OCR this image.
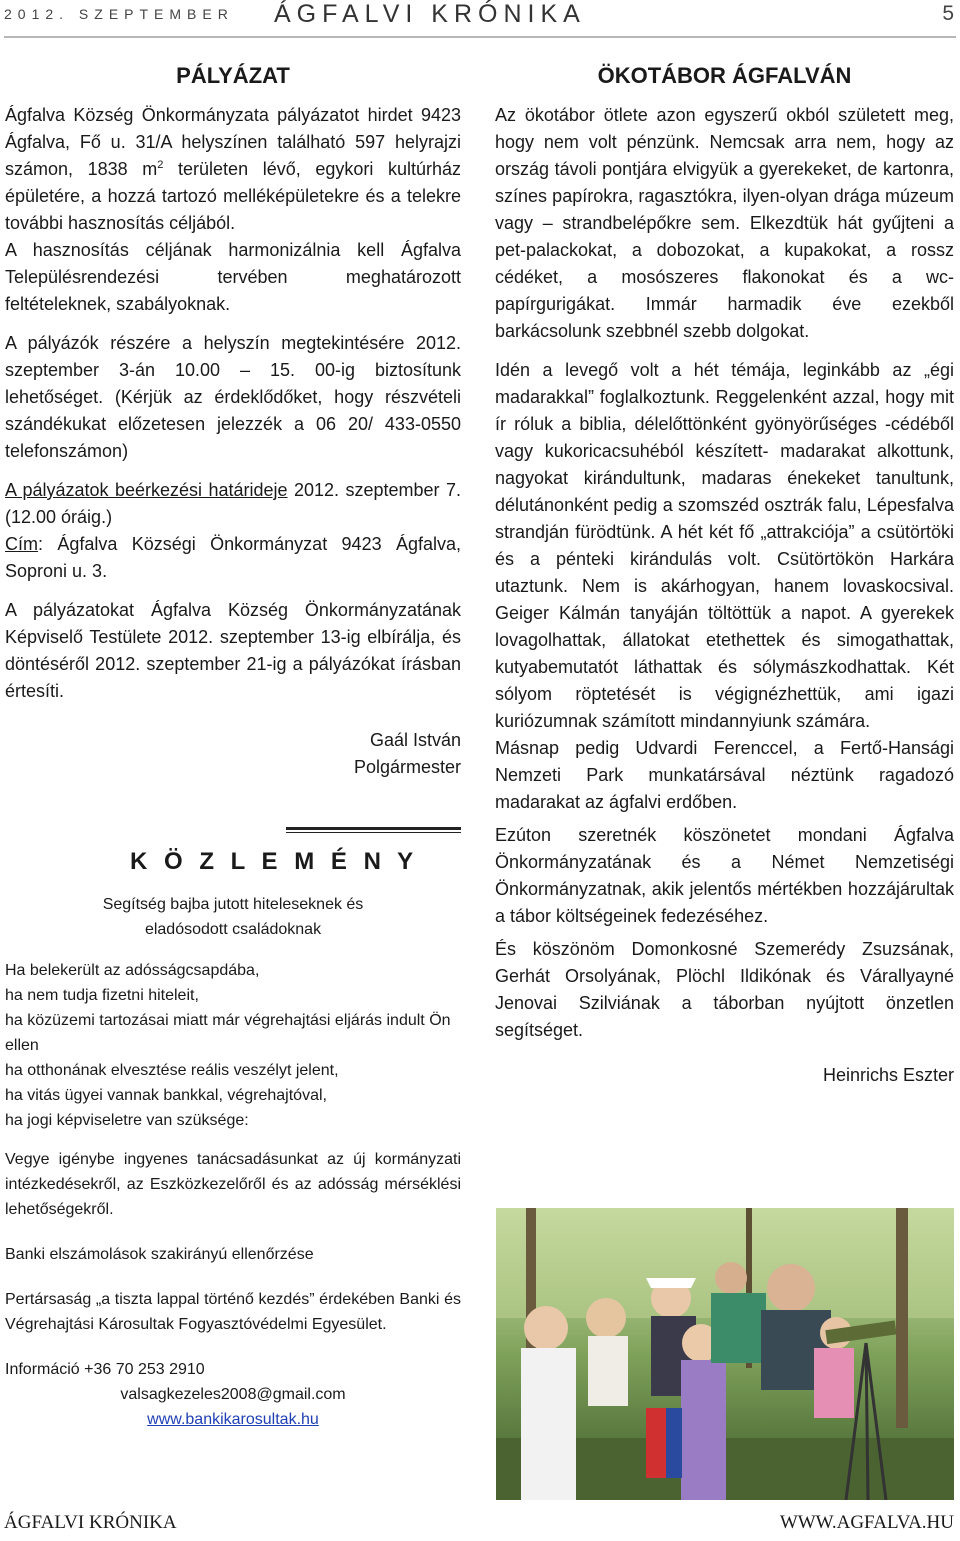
2012. SZEPTEMBER ÁGFALVI KRÓNIKA	5
PÁLYÁZAT

Ágfalva Község Önkormányzata pályázatot hirdet 9423 Ágfalva, Fő u. 31/A helyszínen található 597 helyrajzi számon, 1838 $m^2$ területen lévő, egykori kultúrház épületére, a hozzá tartozó melléképületekre és a telekre további hasznosítás céljából.

A hasznosítás céljának harmonizálnia kell Ágfalva Településrendezési tervében meghatározott feltételeknek, szabályoknak.

A pályázók részére a helyszín megtekintésére 2012. szeptember 3-án 10.00 – 15. 00-ig biztosítunk lehetőséget. (Kérjük az érdeklődőket, hogy részvételi szándékukat előzetesen jelezzék a 06 20/ 433-0550 telefonszámon)

A pályázatok beérkezési határideje 2012. szeptember 7. (12.00 óráig.)

Cím: Ágfalva Községi Önkormányzat 9423 Ágfalva, Soproni u. 3.

A pályázatokat Ágfalva Község Önkormányzatának Képviselő Testülete 2012. szeptember 13-ig elbírálja, és döntéséről 2012. szeptember 21-ig a pályázókat írásban értesíti.

Gaál István
Polgármester
K Ö Z L E M É N Y
Segítség bajba jutott hiteleseknek és
eladósodott családoknak
Ha belekerült az adósságcsapdába,
ha nem tudja fizetni hiteleit,
ha közüzemi tartozásai miatt már végrehajtási eljárás indult Ön ellen
ha otthonának elvesztése reális veszélyt jelent,
ha vitás ügyei vannak bankkal, végrehajtóval,
ha jogi képviseletre van szüksége:

Vegye igénybe ingyenes tanácsadásunkat az új kormányzati intézkedésekről, az Eszközkezelőről és az adósság mérséklési lehetőségekről.

Banki elszámolások szakirányú ellenőrzése

Pertársaság „a tiszta lappal történő kezdés” érdekében Banki és Végrehajtási Károsultak Fogyasztóvédelmi Egyesület.

Információ +36 70 253 2910

valsagkezeles2008@gmail.com
www.bankikarosultak.hu
ÖKOTÁBOR ÁGFALVÁN

Az ökotábor ötlete azon egyszerű okból született meg, hogy nem volt pénzünk. Nemcsak arra nem, hogy az ország távoli pontjára elvigyük a gyerekeket, de kartonra, színes papírokra, ragasztókra, ilyen-olyan drága múzeum vagy – strandbelépőkre sem. Elkezdtük hát gyűjteni a pet-palackokat, a dobozokat, a kupakokat, a rossz cédéket, a mosószeres flakonokat és a wc-papírgurigákat. Immár harmadik éve ezekből barkácsolunk szebbnél szebb dolgokat.

Idén a levegő volt a hét témája, leginkább az „égi madarakkal” foglalkoztunk. Reggelenként azzal, hogy mit ír róluk a biblia, délelőttönként gyönyörűséges -cédéből vagy kukoricacsuhéból készített- madarakat alkottunk, nagyokat kirándultunk, madaras énekeket tanultunk, délutánonként pedig a szomszéd osztrák falu, Lépesfalva strandján fürödtünk. A hét két fő „attrakciója” a csütörtöki és a pénteki kirándulás volt. Csütörtökön Harkára utaztunk. Nem is akárhogyan, hanem lovaskocsival. Geiger Kálmán tanyáján töltöttük a napot. A gyerekek lovagolhattak, állatokat etethettek és simogathattak, kutyabemutatót láthattak és sólymászkodhattak. Két sólyom röptetését is végignézhettük, ami igazi kuriózumnak számított mindannyiunk számára.

Másnap pedig Udvardi Ferenccel, a Fertő-Hansági Nemzeti Park munkatársával néztünk ragadozó madarakat az ágfalvi erdőben.

Ezúton szeretnék köszönetet mondani Ágfalva Önkormányzatának és a Német Nemzetiségi Önkormányzatnak, akik jelentős mértékben hozzájárultak a tábor költségeinek fedezéséhez.

És köszönöm Domonkosné Szemerédy Zsuzsának, Gerhát Orsolyának, Plöchl Ildikónak és Várallyayné Jenovai Szilviának a táborban nyújtott önzetlen segítséget.

Heinrichs Eszter
ÁGFALVI KRÓNIKA	WWW.AGFALVA.HU
